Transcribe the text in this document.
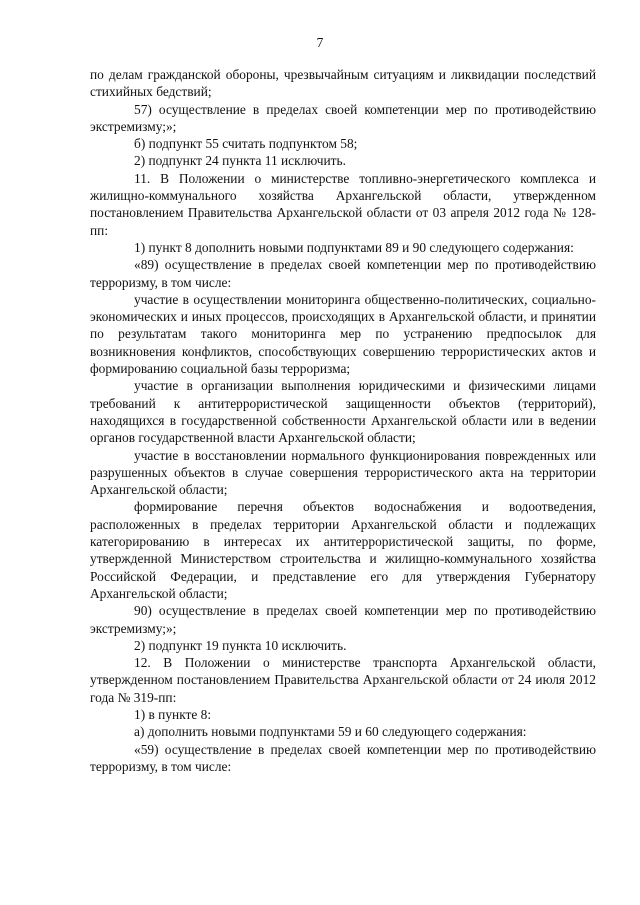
7

по делам гражданской обороны, чрезвычайным ситуациям и ликвидации последствий стихийных бедствий;

57) осуществление в пределах своей компетенции мер по противодействию экстремизму;»;

б) подпункт 55 считать подпунктом 58;

2) подпункт 24 пункта 11 исключить.

11. В Положении о министерстве топливно-энергетического комплекса и жилищно-коммунального хозяйства Архангельской области, утвержденном постановлением Правительства Архангельской области от 03 апреля 2012 года № 128-пп:

1) пункт 8 дополнить новыми подпунктами 89 и 90 следующего содержания:

«89) осуществление в пределах своей компетенции мер по противодействию терроризму, в том числе:

участие в осуществлении мониторинга общественно-политических, социально-экономических и иных процессов, происходящих в Архангельской области, и принятии по результатам такого мониторинга мер по устранению предпосылок для возникновения конфликтов, способствующих совершению террористических актов и формированию социальной базы терроризма;

участие в организации выполнения юридическими и физическими лицами требований к антитеррористической защищенности объектов (территорий), находящихся в государственной собственности Архангельской области или в ведении органов государственной власти Архангельской области;

участие в восстановлении нормального функционирования поврежденных или разрушенных объектов в случае совершения террористического акта на территории Архангельской области;

формирование перечня объектов водоснабжения и водоотведения, расположенных в пределах территории Архангельской области и подлежащих категорированию в интересах их антитеррористической защиты, по форме, утвержденной Министерством строительства и жилищно-коммунального хозяйства Российской Федерации, и представление его для утверждения Губернатору Архангельской области;

90) осуществление в пределах своей компетенции мер по противодействию экстремизму;»;

2) подпункт 19 пункта 10 исключить.

12. В Положении о министерстве транспорта Архангельской области, утвержденном постановлением Правительства Архангельской области от 24 июля 2012 года № 319-пп:

1) в пункте 8:

а) дополнить новыми подпунктами 59 и 60 следующего содержания:

«59) осуществление в пределах своей компетенции мер по противодействию терроризму, в том числе:
